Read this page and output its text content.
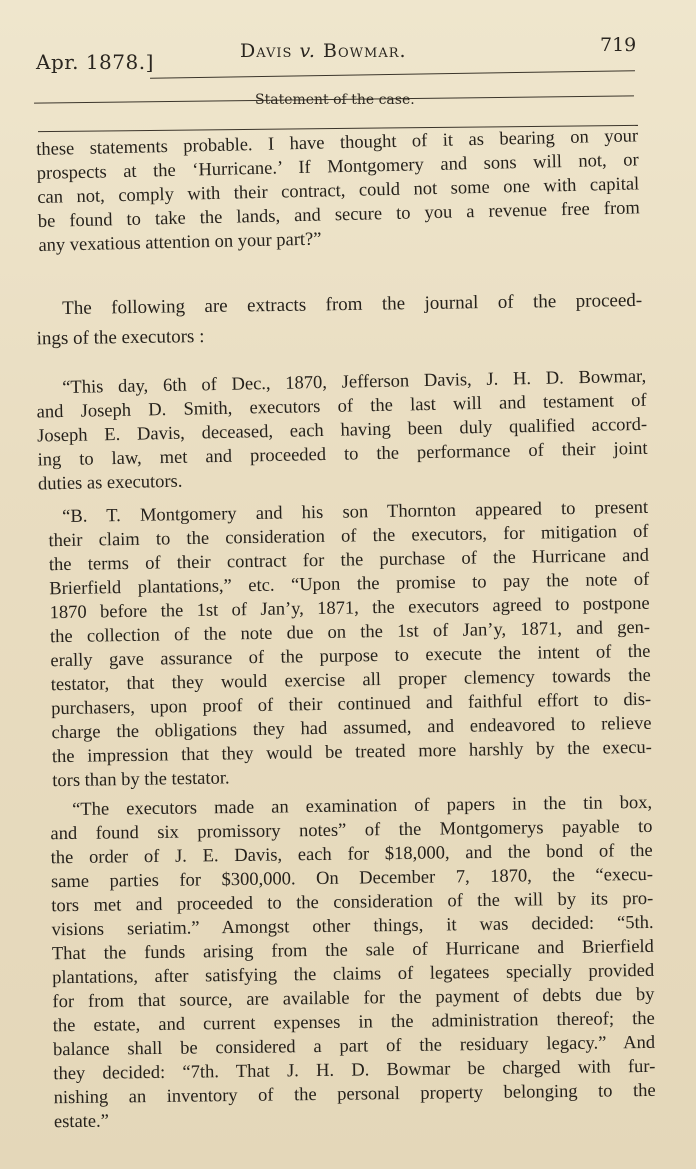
Apr. 1878.]	Davis v. Bowmar.	719
Statement of the case.
these statements probable. I have thought of it as bearing on your
prospects at the ‘Hurricane.’ If Montgomery and sons will not, or
can not, comply with their contract, could not some one with capital
be found to take the lands, and secure to you a revenue free from
any vexatious attention on your part?”
The following are extracts from the journal of the proceed-
ings of the executors :
“This day, 6th of Dec., 1870, Jefferson Davis, J. H. D. Bowmar,
and Joseph D. Smith, executors of the last will and testament of
Joseph E. Davis, deceased, each having been duly qualified accord-
ing to law, met and proceeded to the performance of their joint
duties as executors.
“B. T. Montgomery and his son Thornton appeared to present
their claim to the consideration of the executors, for mitigation of
the terms of their contract for the purchase of the Hurricane and
Brierfield plantations,” etc. “Upon the promise to pay the note of
1870 before the 1st of Jan’y, 1871, the executors agreed to postpone
the collection of the note due on the 1st of Jan’y, 1871, and gen-
erally gave assurance of the purpose to execute the intent of the
testator, that they would exercise all proper clemency towards the
purchasers, upon proof of their continued and faithful effort to dis-
charge the obligations they had assumed, and endeavored to relieve
the impression that they would be treated more harshly by the execu-
tors than by the testator.
“The executors made an examination of papers in the tin box,
and found six promissory notes” of the Montgomerys payable to
the order of J. E. Davis, each for $18,000, and the bond of the
same parties for $300,000. On December 7, 1870, the “execu-
tors met and proceeded to the consideration of the will by its pro-
visions seriatim.” Amongst other things, it was decided: “5th.
That the funds arising from the sale of Hurricane and Brierfield
plantations, after satisfying the claims of legatees specially provided
for from that source, are available for the payment of debts due by
the estate, and current expenses in the administration thereof; the
balance shall be considered a part of the residuary legacy.” And
they decided: “7th. That J. H. D. Bowmar be charged with fur-
nishing an inventory of the personal property belonging to the
estate.”
